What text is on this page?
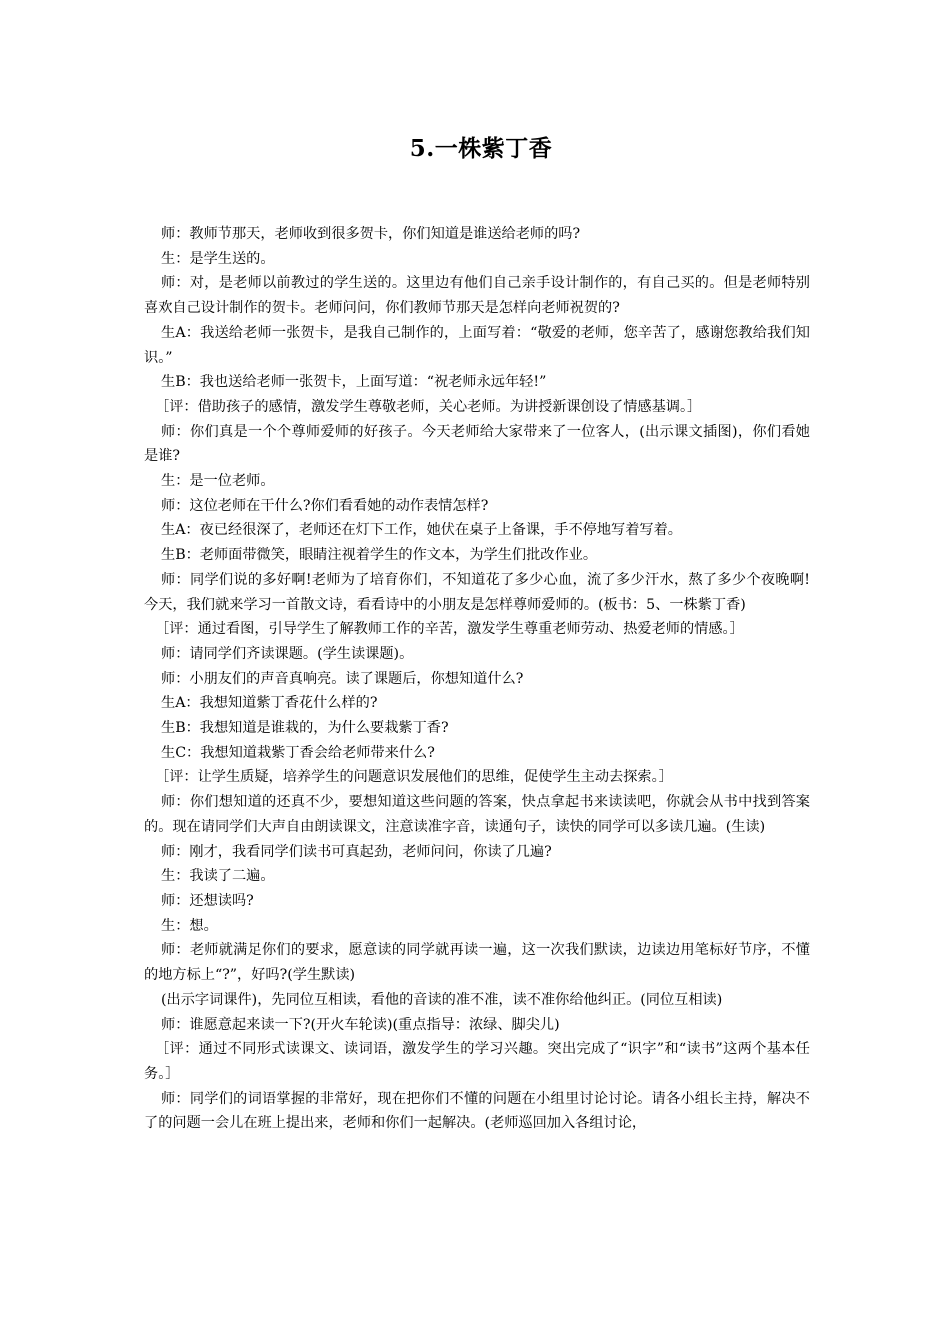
5.一株紫丁香

师：教师节那天，老师收到很多贺卡，你们知道是谁送给老师的吗?

生：是学生送的。

师：对，是老师以前教过的学生送的。这里边有他们自己亲手设计制作的，有自己买的。但是老师特别喜欢自己设计制作的贺卡。老师问问，你们教师节那天是怎样向老师祝贺的?

生A：我送给老师一张贺卡，是我自己制作的，上面写着：“敬爱的老师，您辛苦了，感谢您教给我们知识。”

生B：我也送给老师一张贺卡，上面写道：“祝老师永远年轻!”

［评：借助孩子的感情，激发学生尊敬老师，关心老师。为讲授新课创设了情感基调。］

师：你们真是一个个尊师爱师的好孩子。今天老师给大家带来了一位客人，(出示课文插图)，你们看她是谁?

生：是一位老师。

师：这位老师在干什么?你们看看她的动作表情怎样?

生A：夜已经很深了，老师还在灯下工作，她伏在桌子上备课，手不停地写着写着。

生B：老师面带微笑，眼睛注视着学生的作文本，为学生们批改作业。

师：同学们说的多好啊!老师为了培育你们，不知道花了多少心血，流了多少汗水，熬了多少个夜晚啊!今天，我们就来学习一首散文诗，看看诗中的小朋友是怎样尊师爱师的。(板书：5、一株紫丁香)

［评：通过看图，引导学生了解教师工作的辛苦，激发学生尊重老师劳动、热爱老师的情感。］

师：请同学们齐读课题。(学生读课题)。

师：小朋友们的声音真响亮。读了课题后，你想知道什么?

生A：我想知道紫丁香花什么样的?

生B：我想知道是谁栽的，为什么要栽紫丁香?

生C：我想知道栽紫丁香会给老师带来什么?

［评：让学生质疑，培养学生的问题意识发展他们的思维，促使学生主动去探索。］

师：你们想知道的还真不少，要想知道这些问题的答案，快点拿起书来读读吧，你就会从书中找到答案的。现在请同学们大声自由朗读课文，注意读准字音，读通句子，读快的同学可以多读几遍。(生读)

师：刚才，我看同学们读书可真起劲，老师问问，你读了几遍?

生：我读了二遍。

师：还想读吗?

生：想。

师：老师就满足你们的要求，愿意读的同学就再读一遍，这一次我们默读，边读边用笔标好节序，不懂的地方标上“?”，好吗?(学生默读)

(出示字词课件)，先同位互相读，看他的音读的准不准，读不准你给他纠正。(同位互相读)

师：谁愿意起来读一下?(开火车轮读)(重点指导：浓绿、脚尖儿)

［评：通过不同形式读课文、读词语，激发学生的学习兴趣。突出完成了“识字”和“读书”这两个基本任务。］

师：同学们的词语掌握的非常好，现在把你们不懂的问题在小组里讨论讨论。请各小组长主持，解决不了的问题一会儿在班上提出来，老师和你们一起解决。(老师巡回加入各组讨论，
